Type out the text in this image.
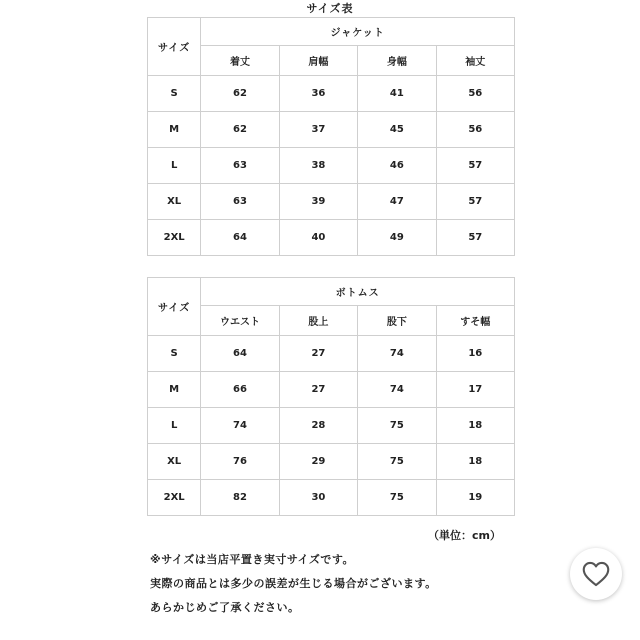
サイズ表
サイズ	ジャケット			
	着丈	肩幅	身幅	袖丈
S	62	36	41	56
M	62	37	45	56
L	63	38	46	57
XL	63	39	47	57
2XL	64	40	49	57
サイズ	ボトムス			
	ウエスト	股上	股下	すそ幅
S	64	27	74	16
M	66	27	74	17
L	74	28	75	18
XL	76	29	75	18
2XL	82	30	75	19
（単位：cm）
※サイズは当店平置き実寸サイズです。
実際の商品とは多少の誤差が生じる場合がございます。
あらかじめご了承ください。
